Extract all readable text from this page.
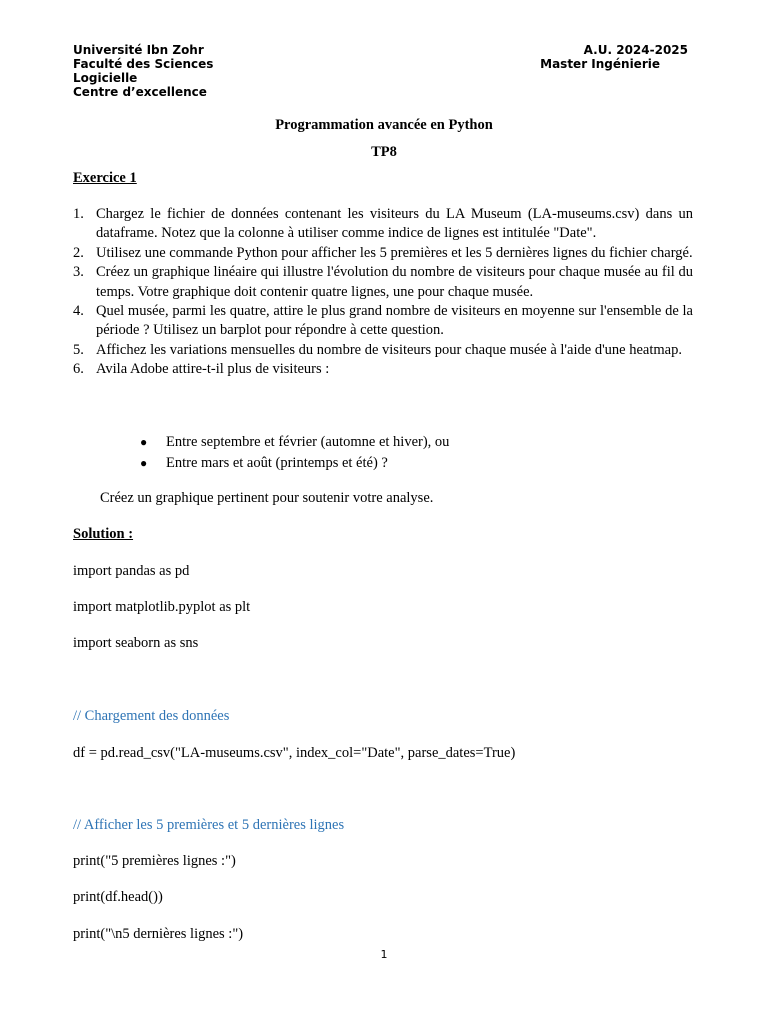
Université Ibn Zohr
Faculté des Sciences
Logicielle
Centre d’excellence
A.U. 2024-2025
Master Ingénierie
Programmation avancée en Python
TP8
Exercice 1
1. Chargez le fichier de données contenant les visiteurs du LA Museum (LA-museums.csv) dans un dataframe. Notez que la colonne à utiliser comme indice de lignes est intitulée "Date".
2. Utilisez une commande Python pour afficher les 5 premières et les 5 dernières lignes du fichier chargé.
3. Créez un graphique linéaire qui illustre l'évolution du nombre de visiteurs pour chaque musée au fil du temps. Votre graphique doit contenir quatre lignes, une pour chaque musée.
4. Quel musée, parmi les quatre, attire le plus grand nombre de visiteurs en moyenne sur l'ensemble de la période ? Utilisez un barplot pour répondre à cette question.
5. Affichez les variations mensuelles du nombre de visiteurs pour chaque musée à l'aide d'une heatmap.
6. Avila Adobe attire-t-il plus de visiteurs :
● Entre septembre et février (automne et hiver), ou
● Entre mars et août (printemps et été) ?
Créez un graphique pertinent pour soutenir votre analyse.
Solution :
import pandas as pd
import matplotlib.pyplot as plt
import seaborn as sns
// Chargement des données
df = pd.read_csv("LA-museums.csv", index_col="Date", parse_dates=True)
// Afficher les 5 premières et 5 dernières lignes
print("5 premières lignes :")
print(df.head())
print("\n5 dernières lignes :")
1
